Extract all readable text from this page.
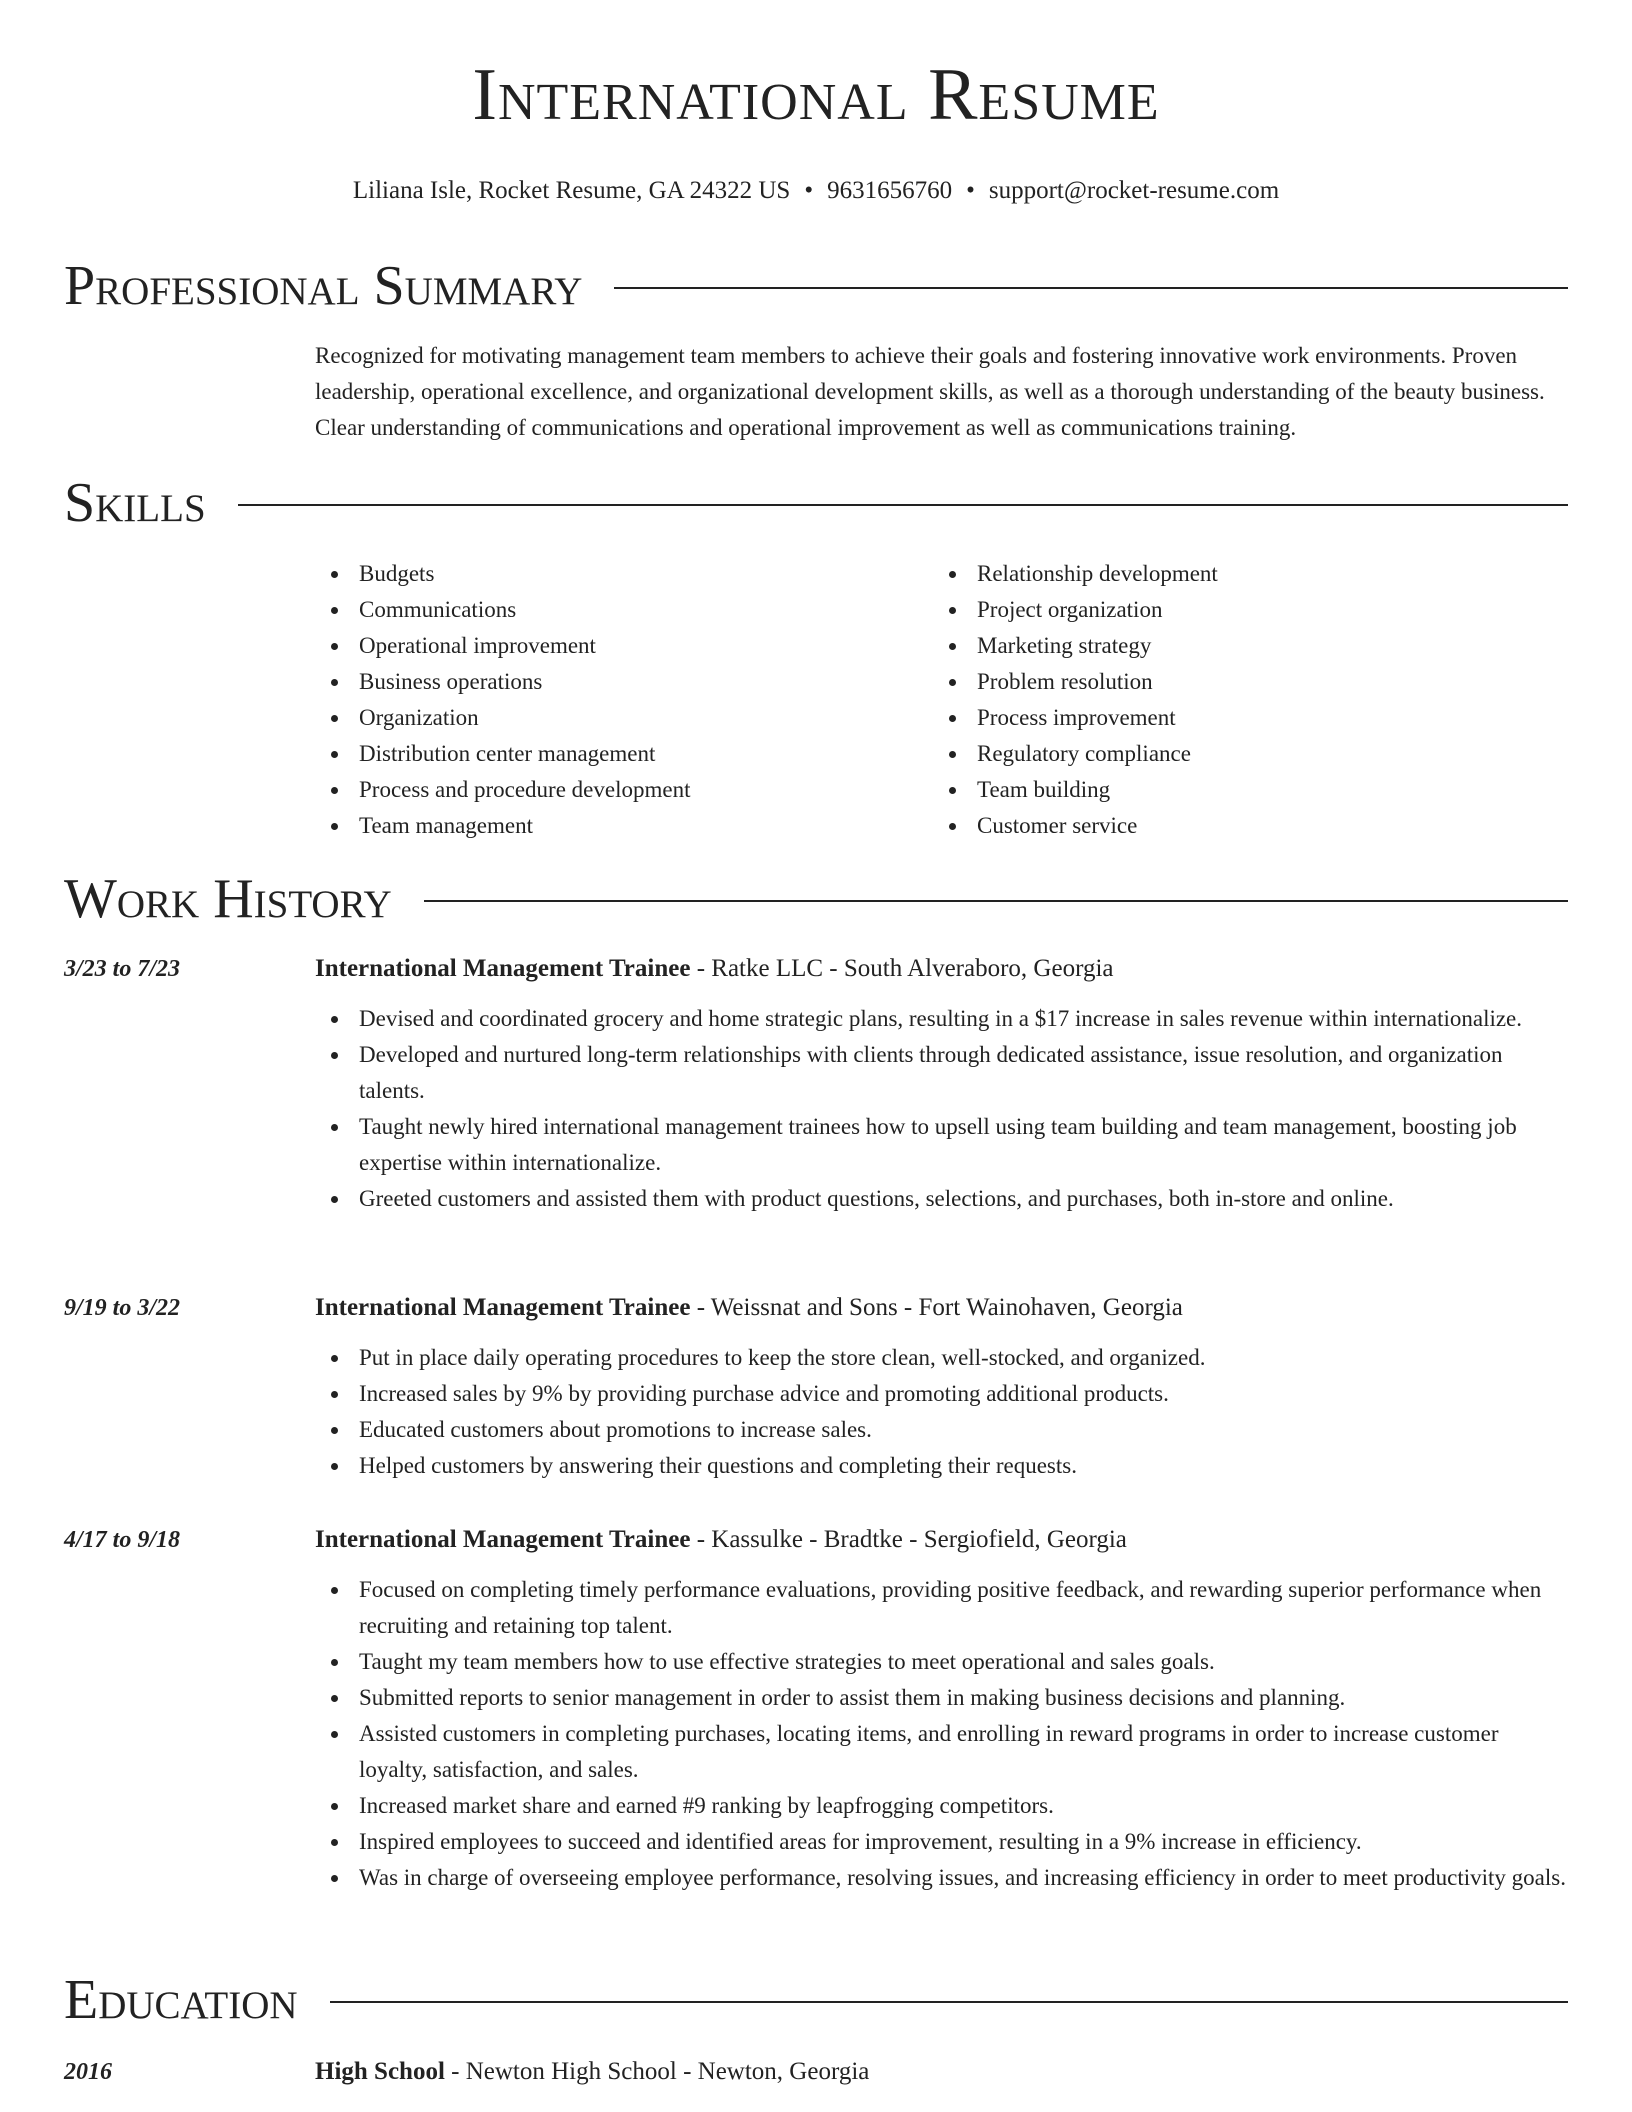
International Resume
Liliana Isle, Rocket Resume, GA 24322 US • 9631656760 • support@rocket-resume.com
Professional Summary
Recognized for motivating management team members to achieve their goals and fostering innovative work environments. Proven leadership, operational excellence, and organizational development skills, as well as a thorough understanding of the beauty business. Clear understanding of communications and operational improvement as well as communications training.
Skills
Budgets
Communications
Operational improvement
Business operations
Organization
Distribution center management
Process and procedure development
Team management
Relationship development
Project organization
Marketing strategy
Problem resolution
Process improvement
Regulatory compliance
Team building
Customer service
Work History
3/23 to 7/23	International Management Trainee - Ratke LLC - South Alveraboro, Georgia
Devised and coordinated grocery and home strategic plans, resulting in a $17 increase in sales revenue within internationalize.
Developed and nurtured long-term relationships with clients through dedicated assistance, issue resolution, and organization talents.
Taught newly hired international management trainees how to upsell using team building and team management, boosting job expertise within internationalize.
Greeted customers and assisted them with product questions, selections, and purchases, both in-store and online.
9/19 to 3/22	International Management Trainee - Weissnat and Sons - Fort Wainohaven, Georgia
Put in place daily operating procedures to keep the store clean, well-stocked, and organized.
Increased sales by 9% by providing purchase advice and promoting additional products.
Educated customers about promotions to increase sales.
Helped customers by answering their questions and completing their requests.
4/17 to 9/18	International Management Trainee - Kassulke - Bradtke - Sergiofield, Georgia
Focused on completing timely performance evaluations, providing positive feedback, and rewarding superior performance when recruiting and retaining top talent.
Taught my team members how to use effective strategies to meet operational and sales goals.
Submitted reports to senior management in order to assist them in making business decisions and planning.
Assisted customers in completing purchases, locating items, and enrolling in reward programs in order to increase customer loyalty, satisfaction, and sales.
Increased market share and earned #9 ranking by leapfrogging competitors.
Inspired employees to succeed and identified areas for improvement, resulting in a 9% increase in efficiency.
Was in charge of overseeing employee performance, resolving issues, and increasing efficiency in order to meet productivity goals.
Education
2016	High School - Newton High School - Newton, Georgia
